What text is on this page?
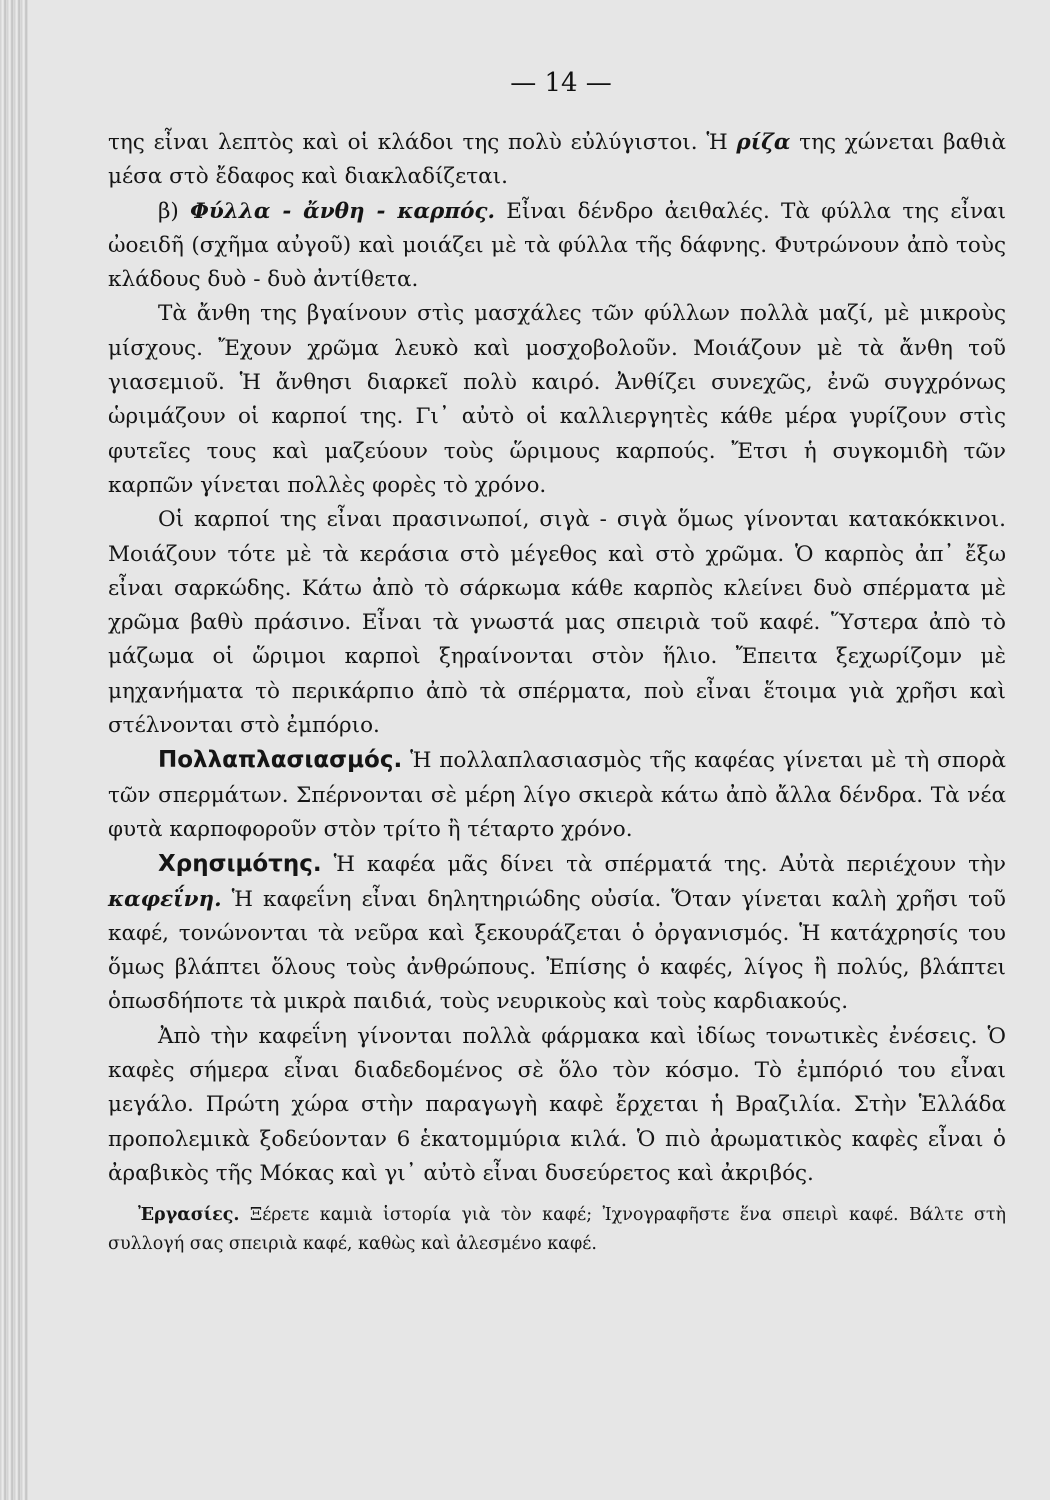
— 14 —

της εἶναι λεπτὸς καὶ οἱ κλάδοι της πολὺ εὐλύγιστοι. Ἡ ρίζα της χώνεται βαθιὰ μέσα στὸ ἔδαφος καὶ διακλαδίζεται.

β) Φύλλα - ἄνθη - καρπός. Εἶναι δένδρο ἀειθαλές. Τὰ φύλλα της εἶναι ὠοειδῆ (σχῆμα αὐγοῦ) καὶ μοιάζει μὲ τὰ φύλλα τῆς δάφνης. Φυτρώνουν ἀπὸ τοὺς κλάδους δυὸ - δυὸ ἀντίθετα.

Τὰ ἄνθη της βγαίνουν στὶς μασχάλες τῶν φύλλων πολλὰ μαζί, μὲ μικροὺς μίσχους. Ἔχουν χρῶμα λευκὸ καὶ μοσχοβολοῦν. Μοιάζουν μὲ τὰ ἄνθη τοῦ γιασεμιοῦ. Ἡ ἄνθησι διαρκεῖ πολὺ καιρό. Ἀνθίζει συνεχῶς, ἐνῶ συγχρόνως ὡριμάζουν οἱ καρποί της. Γι᾽ αὐτὸ οἱ καλλιεργητὲς κάθε μέρα γυρίζουν στὶς φυτεῖες τους καὶ μαζεύουν τοὺς ὥριμους καρπούς. Ἔτσι ἡ συγκομιδὴ τῶν καρπῶν γίνεται πολλὲς φορὲς τὸ χρόνο.

Οἱ καρποί της εἶναι πρασινωποί, σιγὰ - σιγὰ ὅμως γίνονται κατακόκκινοι. Μοιάζουν τότε μὲ τὰ κεράσια στὸ μέγεθος καὶ στὸ χρῶμα. Ὁ καρπὸς ἀπ᾽ ἔξω εἶναι σαρκώδης. Κάτω ἀπὸ τὸ σάρκωμα κάθε καρπὸς κλείνει δυὸ σπέρματα μὲ χρῶμα βαθὺ πράσινο. Εἶναι τὰ γνωστά μας σπειριὰ τοῦ καφέ. Ὕστερα ἀπὸ τὸ μάζωμα οἱ ὥριμοι καρποὶ ξηραίνονται στὸν ἥλιο. Ἔπειτα ξεχωρίζομν μὲ μηχανήματα τὸ περικάρπιο ἀπὸ τὰ σπέρματα, ποὺ εἶναι ἕτοιμα γιὰ χρῆσι καὶ στέλνονται στὸ ἐμπόριο.

Πολλαπλασιασμός. Ἡ πολλαπλασιασμὸς τῆς καφέας γίνεται μὲ τὴ σπορὰ τῶν σπερμάτων. Σπέρνονται σὲ μέρη λίγο σκιερὰ κάτω ἀπὸ ἄλλα δένδρα. Τὰ νέα φυτὰ καρποφοροῦν στὸν τρίτο ἢ τέταρτο χρόνο.

Χρησιμότης. Ἡ καφέα μᾶς δίνει τὰ σπέρματά της. Αὐτὰ περιέχουν τὴν καφεΐνη. Ἡ καφεΐνη εἶναι δηλητηριώδης οὐσία. Ὅταν γίνεται καλὴ χρῆσι τοῦ καφέ, τονώνονται τὰ νεῦρα καὶ ξεκουράζεται ὁ ὀργανισμός. Ἡ κατάχρησίς του ὅμως βλάπτει ὅλους τοὺς ἀνθρώπους. Ἐπίσης ὁ καφές, λίγος ἢ πολύς, βλάπτει ὁπωσδήποτε τὰ μικρὰ παιδιά, τοὺς νευρικοὺς καὶ τοὺς καρδιακούς.

Ἀπὸ τὴν καφεΐνη γίνονται πολλὰ φάρμακα καὶ ἰδίως τονωτικὲς ἐνέσεις. Ὁ καφὲς σήμερα εἶναι διαδεδομένος σὲ ὅλο τὸν κόσμο. Τὸ ἐμπόριό του εἶναι μεγάλο. Πρώτη χώρα στὴν παραγωγὴ καφὲ ἔρχεται ἡ Βραζιλία. Στὴν Ἑλλάδα προπολεμικὰ ξοδεύονταν 6 ἑκατομμύρια κιλά. Ὁ πιὸ ἀρωματικὸς καφὲς εἶναι ὁ ἀραβικὸς τῆς Μόκας καὶ γι᾽ αὐτὸ εἶναι δυσεύρετος καὶ ἀκριβός.

Ἐργασίες. Ξέρετε καμιὰ ἱστορία γιὰ τὸν καφέ; Ἰχνογραφῆστε ἕνα σπειρὶ καφέ. Βάλτε στὴ συλλογή σας σπειριὰ καφέ, καθὼς καὶ ἀλεσμένο καφέ.
